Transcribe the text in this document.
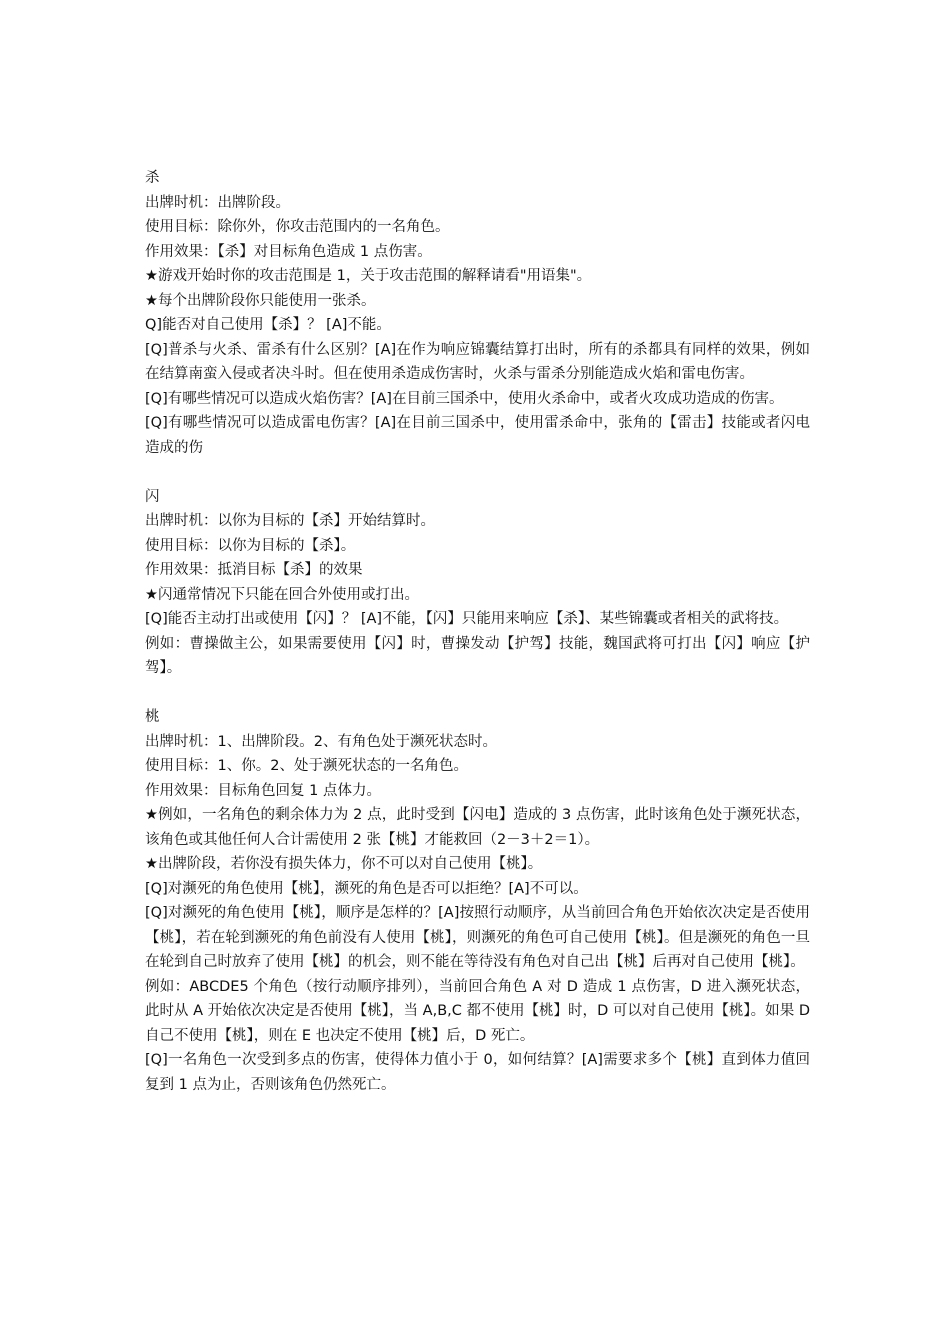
杀

出牌时机：出牌阶段。

使用目标：除你外，你攻击范围内的一名角色。

作用效果：【杀】对目标角色造成 1 点伤害。

★游戏开始时你的攻击范围是 1，关于攻击范围的解释请看"用语集"。

★每个出牌阶段你只能使用一张杀。

Q]能否对自己使用【杀】？ [A]不能。

[Q]普杀与火杀、雷杀有什么区别？[A]在作为响应锦囊结算打出时，所有的杀都具有同样的效果，例如在结算南蛮入侵或者决斗时。但在使用杀造成伤害时，火杀与雷杀分别能造成火焰和雷电伤害。

[Q]有哪些情况可以造成火焰伤害？[A]在目前三国杀中，使用火杀命中，或者火攻成功造成的伤害。

[Q]有哪些情况可以造成雷电伤害？[A]在目前三国杀中，使用雷杀命中，张角的【雷击】技能或者闪电造成的伤

闪

出牌时机：以你为目标的【杀】开始结算时。

使用目标：以你为目标的【杀】。

作用效果：抵消目标【杀】的效果

★闪通常情况下只能在回合外使用或打出。

[Q]能否主动打出或使用【闪】？ [A]不能，【闪】只能用来响应【杀】、某些锦囊或者相关的武将技。

例如：曹操做主公，如果需要使用【闪】时，曹操发动【护驾】技能，魏国武将可打出【闪】响应【护驾】。

桃

出牌时机：1、出牌阶段。2、有角色处于濒死状态时。

使用目标：1、你。2、处于濒死状态的一名角色。

作用效果：目标角色回复 1 点体力。

★例如，一名角色的剩余体力为 2 点，此时受到【闪电】造成的 3 点伤害，此时该角色处于濒死状态，该角色或其他任何人合计需使用 2 张【桃】才能救回（2－3＋2＝1）。

★出牌阶段，若你没有损失体力，你不可以对自己使用【桃】。

[Q]对濒死的角色使用【桃】，濒死的角色是否可以拒绝？[A]不可以。

[Q]对濒死的角色使用【桃】，顺序是怎样的？[A]按照行动顺序，从当前回合角色开始依次决定是否使用【桃】，若在轮到濒死的角色前没有人使用【桃】，则濒死的角色可自己使用【桃】。但是濒死的角色一旦在轮到自己时放弃了使用【桃】的机会，则不能在等待没有角色对自己出【桃】后再对自己使用【桃】。

例如：ABCDE5 个角色（按行动顺序排列），当前回合角色 A 对 D 造成 1 点伤害，D 进入濒死状态，此时从 A 开始依次决定是否使用【桃】，当 A,B,C 都不使用【桃】时，D 可以对自己使用【桃】。如果 D 自己不使用【桃】，则在 E 也决定不使用【桃】后，D 死亡。

[Q]一名角色一次受到多点的伤害，使得体力值小于 0，如何结算？[A]需要求多个【桃】直到体力值回复到 1 点为止，否则该角色仍然死亡。
